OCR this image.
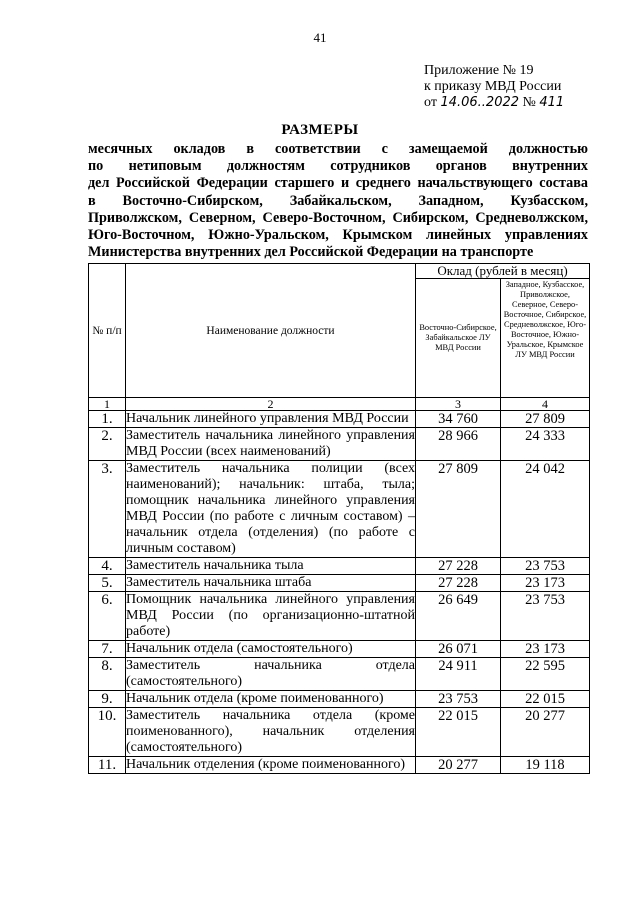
41
Приложение № 19
к приказу МВД России
от 14.06..2022 № 411
РАЗМЕРЫ
месячных окладов в соответствии с замещаемой должностью
по нетиповым должностям сотрудников органов внутренних
дел Российской Федерации старшего и среднего начальствующего состава
в Восточно-Сибирском, Забайкальском, Западном, Кузбасском,
Приволжском, Северном, Северо-Восточном, Сибирском, Средневолжском,
Юго-Восточном, Южно-Уральском, Крымском линейных управлениях
Министерства внутренних дел Российской Федерации на транспорте
№ п/п	Наименование должности	Оклад (рублей в месяц)	

		Восточно-Сибирское, Забайкальское ЛУ МВД России	Западное, Кузбасское, Приволжское, Северное, Северо-Восточное, Сибирское, Средневолжское, Юго-Восточное, Южно-Уральское, Крымское ЛУ МВД России

1	2	3	4
1.	Начальник линейного управления МВД России	34 760	27 809
2.	Заместитель начальника линейного управления МВД России (всех наименований)	28 966	24 333
3.	Заместитель начальника полиции (всех наименований); начальник: штаба, тыла; помощник начальника линейного управления МВД России (по работе с личным составом) – начальник отдела (отделения) (по работе с личным составом)	27 809	24 042
4.	Заместитель начальника тыла	27 228	23 753
5.	Заместитель начальника штаба	27 228	23 173
6.	Помощник начальника линейного управления МВД России (по организационно-штатной работе)	26 649	23 753
7.	Начальник отдела (самостоятельного)	26 071	23 173
8.	Заместитель начальника отдела (самостоятельного)	24 911	22 595
9.	Начальник отдела (кроме поименованного)	23 753	22 015
10.	Заместитель начальника отдела (кроме поименованного), начальник отделения (самостоятельного)	22 015	20 277
11.	Начальник отделения (кроме поименованного)	20 277	19 118
